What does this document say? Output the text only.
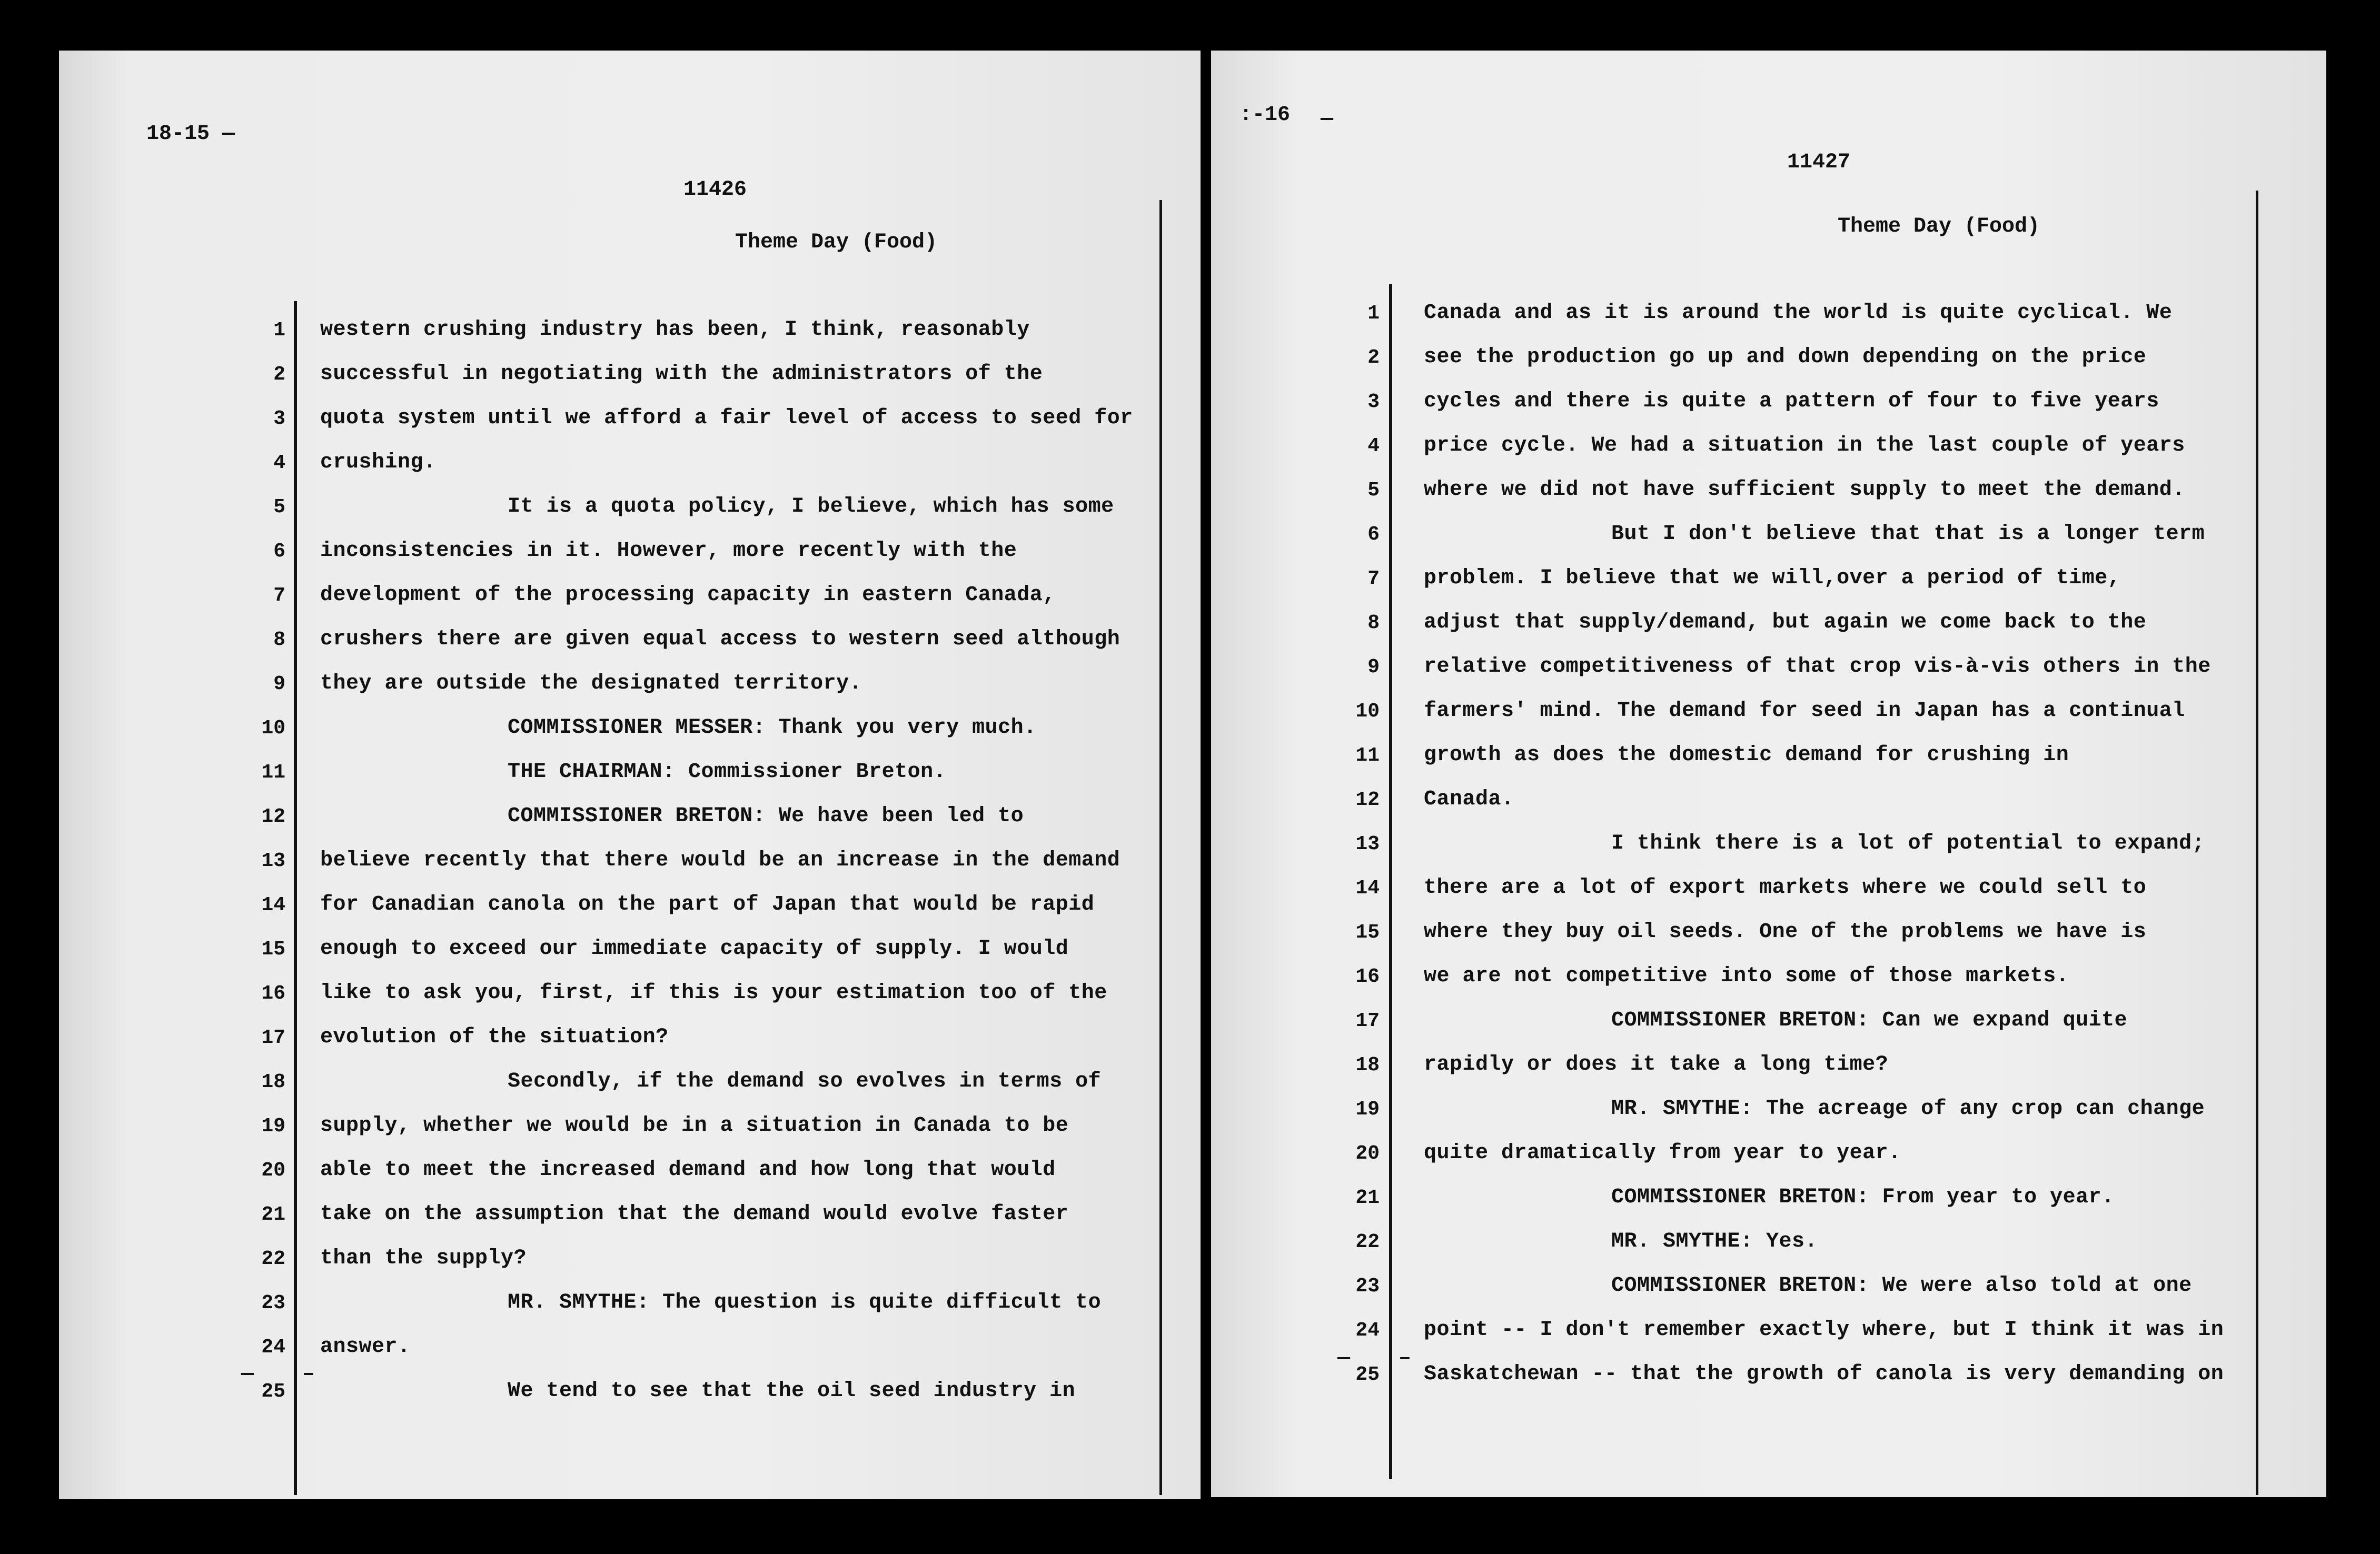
18-15 —
11426
Theme Day (Food)
— –
1 western crushing industry has been, I think, reasonably
2 successful in negotiating with the administrators of the
3 quota system until we afford a fair level of access to seed for
4 crushing.
5	It is a quota policy, I believe, which has some
6 inconsistencies in it. However, more recently with the
7 development of the processing capacity in eastern Canada,
8 crushers there are given equal access to western seed although
9 they are outside the designated territory.
10	COMMISSIONER MESSER: Thank you very much.
11	THE CHAIRMAN: Commissioner Breton.
12	COMMISSIONER BRETON: We have been led to
13 believe recently that there would be an increase in the demand
14 for Canadian canola on the part of Japan that would be rapid
15 enough to exceed our immediate capacity of supply. I would
16 like to ask you, first, if this is your estimation too of the
17 evolution of the situation?
18	Secondly, if the demand so evolves in terms of
19 supply, whether we would be in a situation in Canada to be
20 able to meet the increased demand and how long that would
21 take on the assumption that the demand would evolve faster
22 than the supply?
23	MR. SMYTHE: The question is quite difficult to
24 answer.
25	We tend to see that the oil seed industry in
:-16 —
11427
Theme Day (Food)
— –
1 Canada and as it is around the world is quite cyclical. We
2 see the production go up and down depending on the price
3 cycles and there is quite a pattern of four to five years
4 price cycle. We had a situation in the last couple of years
5 where we did not have sufficient supply to meet the demand.
6	But I don't believe that that is a longer term
7 problem. I believe that we will,over a period of time,
8 adjust that supply/demand, but again we come back to the
9 relative competitiveness of that crop vis-à-vis others in the
10 farmers' mind. The demand for seed in Japan has a continual
11 growth as does the domestic demand for crushing in
12 Canada.
13	I think there is a lot of potential to expand;
14 there are a lot of export markets where we could sell to
15 where they buy oil seeds. One of the problems we have is
16 we are not competitive into some of those markets.
17	COMMISSIONER BRETON: Can we expand quite
18 rapidly or does it take a long time?
19	MR. SMYTHE: The acreage of any crop can change
20 quite dramatically from year to year.
21	COMMISSIONER BRETON: From year to year.
22	MR. SMYTHE: Yes.
23	COMMISSIONER BRETON: We were also told at one
24 point -- I don't remember exactly where, but I think it was in
25 Saskatchewan -- that the growth of canola is very demanding on
